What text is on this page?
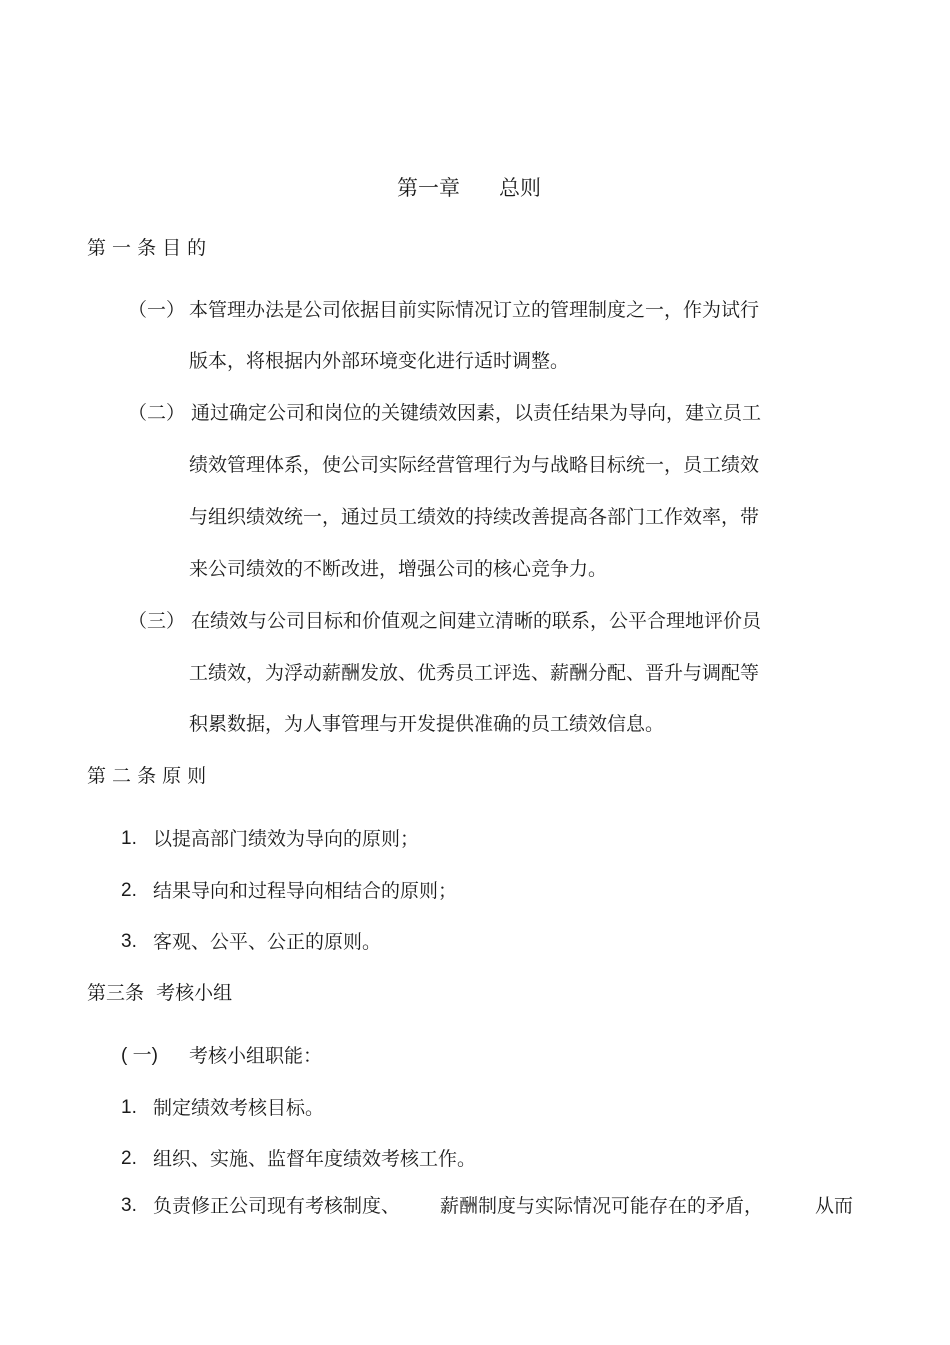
第一章 总则
第 一 条 目 的
（一） 本管理办法是公司依据目前实际情况订立的管理制度之一，作为试行
版本，将根据内外部环境变化进行适时调整。
（二） 通过确定公司和岗位的关键绩效因素，以责任结果为导向，建立员工
绩效管理体系，使公司实际经营管理行为与战略目标统一，员工绩效
与组织绩效统一，通过员工绩效的持续改善提高各部门工作效率，带
来公司绩效的不断改进，增强公司的核心竞争力。
（三） 在绩效与公司目标和价值观之间建立清晰的联系，公平合理地评价员
工绩效，为浮动薪酬发放、优秀员工评选、薪酬分配、晋升与调配等
积累数据，为人事管理与开发提供准确的员工绩效信息。
第 二 条 原 则
1. 以提高部门绩效为导向的原则；
2. 结果导向和过程导向相结合的原则；
3. 客观、公平、公正的原则。
第三条  考核小组
( 一) 考核小组职能：
1. 制定绩效考核目标。
2. 组织、实施、监督年度绩效考核工作。
3. 负责修正公司现有考核制度、 薪酬制度与实际情况可能存在的矛盾，	从而
